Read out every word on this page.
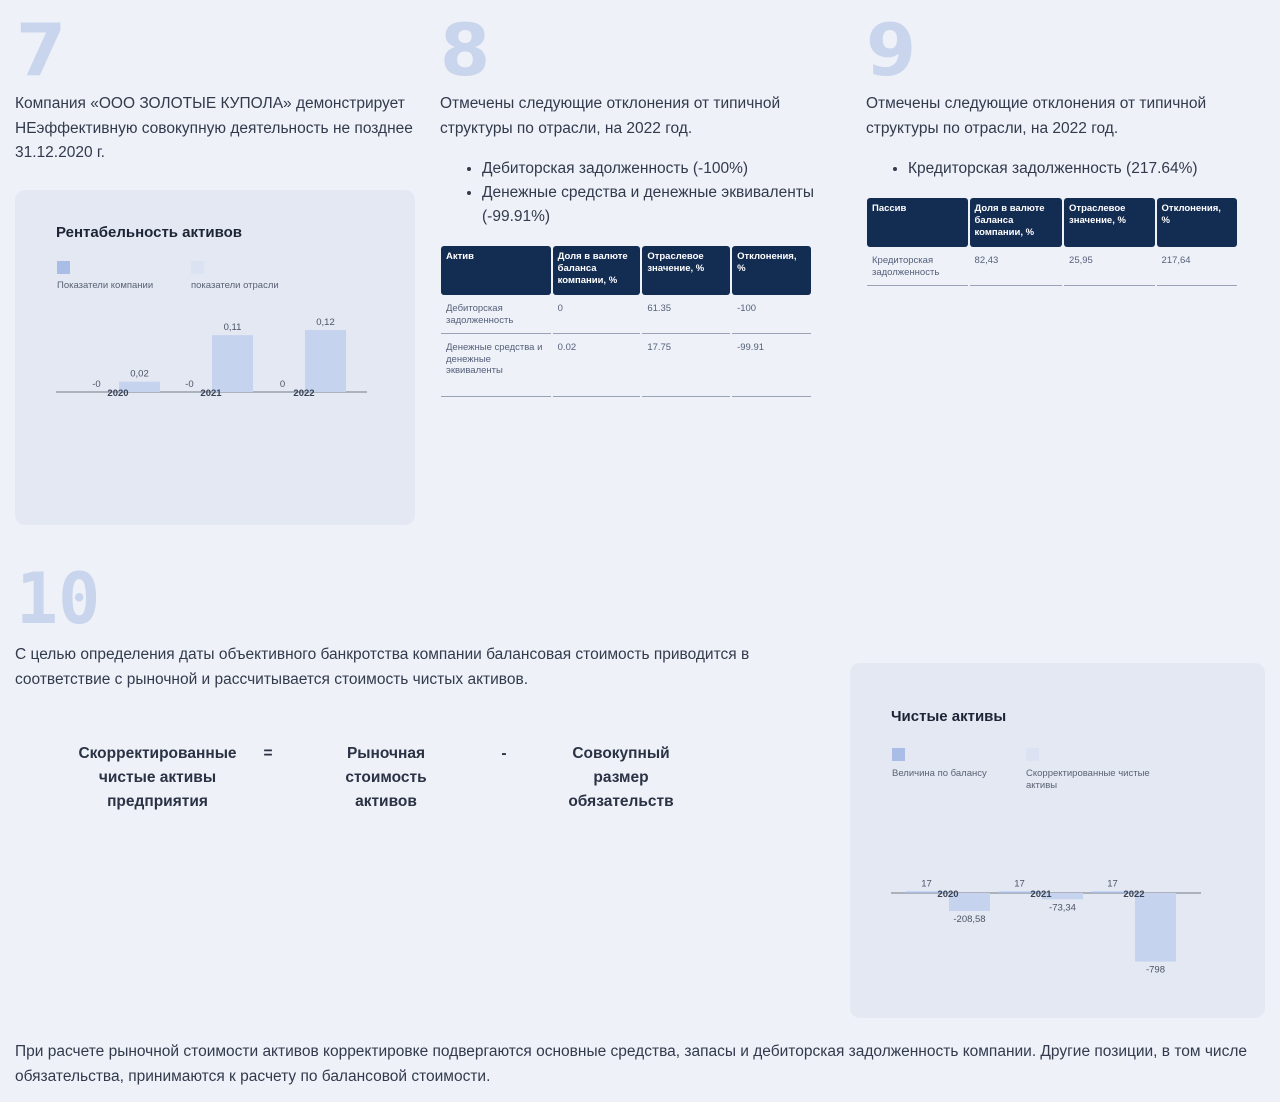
7

Компания «ООО ЗОЛОТЫЕ КУПОЛА» демонстрирует НЕэффективную совокупную деятельность не позднее 31.12.2020 г.

Рентабельность активов
Показатели компании	показатели отрасли
-0
0,02
2020
-0
0,11
2021
0
0,12
2022
8

Отмечены следующие отклонения от типичной структуры по отрасли, на 2022 год.

• Дебиторская задолженность (-100%)
• Денежные средства и денежные эквиваленты (-99.91%)
Актив	Доля в валюте баланса компании, %	Отраслевое значение, %	Отклонения, %
Дебиторская задолженность	0	61.35	-100
Денежные средства и денежные эквиваленты	0.02	17.75	-99.91
9

Отмечены следующие отклонения от типичной структуры по отрасли, на 2022 год.

• Кредиторская задолженность (217.64%)
Пассив	Доля в валюте баланса компании, %	Отраслевое значение, %	Отклонения, %
Кредиторская задолженность	82,43	25,95	217,64
10

С целью определения даты объективного банкротства компании балансовая стоимость приводится в соответствие с рыночной и рассчитывается стоимость чистых активов.

Скорректированные чистые активы предприятия
=	Рыночная стоимость активов
-	Совокупный размер обязательств
Чистые активы
Величина по балансу	Скорректированные чистые активы
17
-208,58
2020
17
-73,34
2021
17
-798
2022

При расчете рыночной стоимости активов корректировке подвергаются основные средства, запасы и дебиторская задолженность компании. Другие позиции, в том числе обязательства, принимаются к расчету по балансовой стоимости.
